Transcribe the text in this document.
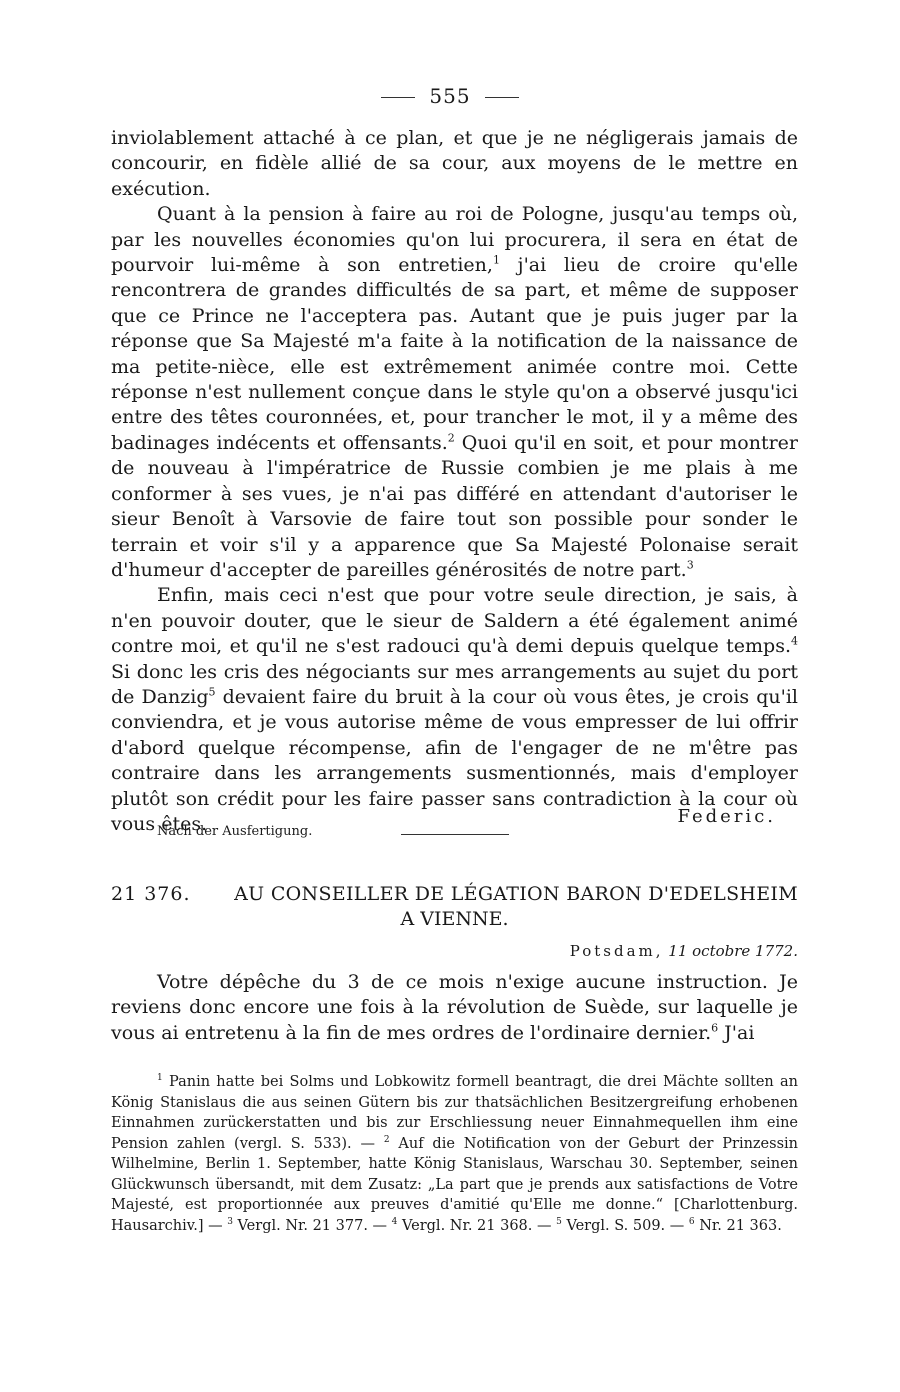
555

inviolablement attaché à ce plan, et que je ne négligerais jamais de concourir, en fidèle allié de sa cour, aux moyens de le mettre en exécution.

Quant à la pension à faire au roi de Pologne, jusqu'au temps où, par les nouvelles économies qu'on lui procurera, il sera en état de pourvoir lui-même à son entretien,$^1$ j'ai lieu de croire qu'elle rencontrera de grandes difficultés de sa part, et même de supposer que ce Prince ne l'acceptera pas. Autant que je puis juger par la réponse que Sa Majesté m'a faite à la notification de la naissance de ma petite-nièce, elle est extrêmement animée contre moi. Cette réponse n'est nullement conçue dans le style qu'on a observé jusqu'ici entre des têtes couronnées, et, pour trancher le mot, il y a même des badinages indécents et offensants.$^2$ Quoi qu'il en soit, et pour montrer de nouveau à l'impératrice de Russie combien je me plais à me conformer à ses vues, je n'ai pas différé en attendant d'autoriser le sieur Benoît à Varsovie de faire tout son possible pour sonder le terrain et voir s'il y a apparence que Sa Majesté Polonaise serait d'humeur d'accepter de pareilles générosités de notre part.$^3$

Enfin, mais ceci n'est que pour votre seule direction, je sais, à n'en pouvoir douter, que le sieur de Saldern a été également animé contre moi, et qu'il ne s'est radouci qu'à demi depuis quelque temps.$^4$ Si donc les cris des négociants sur mes arrangements au sujet du port de Danzig$^5$ devaient faire du bruit à la cour où vous êtes, je crois qu'il conviendra, et je vous autorise même de vous empresser de lui offrir d'abord quelque récompense, afin de l'engager de ne m'être pas contraire dans les arrangements susmentionnés, mais d'employer plutôt son crédit pour les faire passer sans contradiction à la cour où vous êtes.

Nach der Ausfertigung.
Federic.
21 376. AU CONSEILLER DE LÉGATION BARON D'EDELSHEIM
A VIENNE.
Potsdam, 11 octobre 1772.

Votre dépêche du 3 de ce mois n'exige aucune instruction. Je reviens donc encore une fois à la révolution de Suède, sur laquelle je vous ai entretenu à la fin de mes ordres de l'ordinaire dernier.$^6$ J'ai

$^1$ Panin hatte bei Solms und Lobkowitz formell beantragt, die drei Mächte sollten an König Stanislaus die aus seinen Gütern bis zur thatsächlichen Besitzergreifung erhobenen Einnahmen zurückerstatten und bis zur Erschliessung neuer Einnahmequellen ihm eine Pension zahlen (vergl. S. 533). — $^2$ Auf die Notification von der Geburt der Prinzessin Wilhelmine, Berlin 1. September, hatte König Stanislaus, Warschau 30. September, seinen Glückwunsch übersandt, mit dem Zusatz: „La part que je prends aux satisfactions de Votre Majesté, est proportionnée aux preuves d'amitié qu'Elle me donne.“ [Charlottenburg. Hausarchiv.] — $^3$ Vergl. Nr. 21 377. — $^4$ Vergl. Nr. 21 368. — $^5$ Vergl. S. 509. — $^6$ Nr. 21 363.
